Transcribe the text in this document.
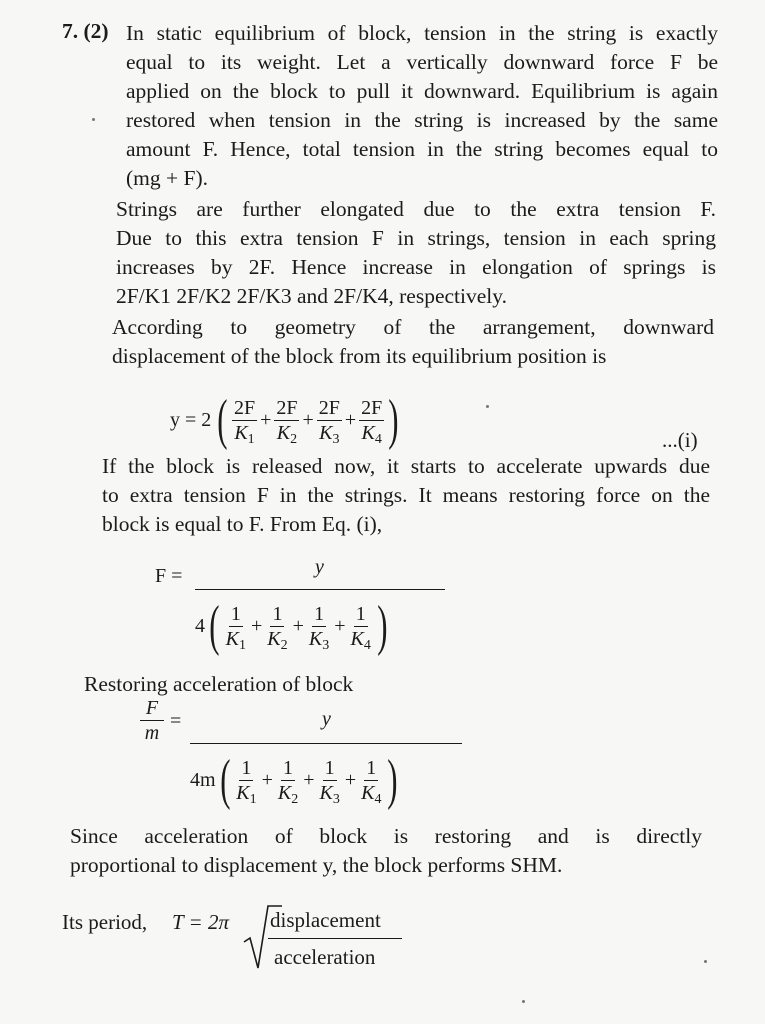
7. (2) In static equilibrium of block, tension in the string is exactly
equal to its weight. Let a vertically downward force F be
applied on the block to pull it downward. Equilibrium is again
restored when tension in the string is increased by the same
amount F. Hence, total tension in the string becomes equal to
(mg + F).
Strings are further elongated due to the extra tension F.
Due to this extra tension F in strings, tension in each spring
increases by 2F. Hence increase in elongation of springs is
2F/K1 2F/K2 2F/K3 and 2F/K4, respectively.
According to geometry of the arrangement, downward
displacement of the block from its equilibrium position is
y = 2 ( $\frac{2F}{K_1} + \frac{2F}{K_2} + \frac{2F}{K_3} + \frac{2F}{K_4}$ )	...(i)
If the block is released now, it starts to accelerate upwards due
to extra tension F in the strings. It means restoring force on the
block is equal to F. From Eq. (i),
F =	y
4 ( $\frac{1}{K_1} + \frac{1}{K_2} + \frac{1}{K_3} + \frac{1}{K_4}$ )
Restoring acceleration of block
F
m
=	y
4m ( $\frac{1}{K_1} + \frac{1}{K_2} + \frac{1}{K_3} + \frac{1}{K_4}$ )
Since acceleration of block is restoring and is directly
proportional to displacement y, the block performs SHM.
Its period, T = 2π displacement
acceleration
